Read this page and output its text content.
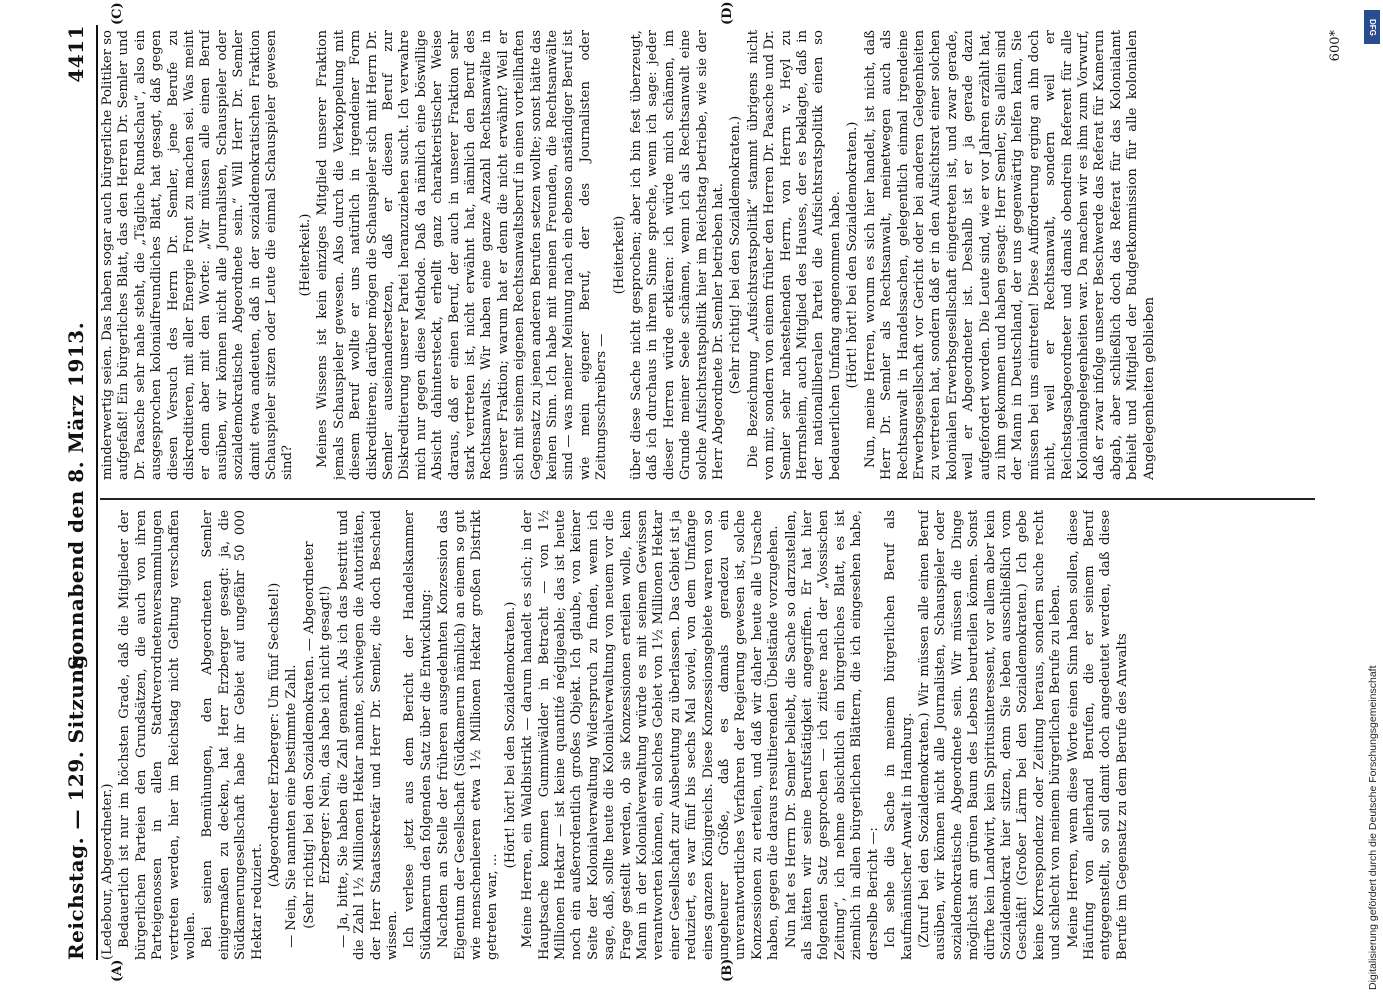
Reichstag. — 129. Sitzung.
Sonnabend den 8. März 1913.
4411
(A)	(B)
(C)	(D)

(Ledebour, Abgeordneter.) Bedauerlich ist nur im höchsten Grade, daß die Mitglieder der bürgerlichen Parteien den Grundsätzen, die auch von ihren Parteigenossen in allen Stadtverordnetenversammlungen vertreten werden, hier im Reichstag nicht Geltung verschaffen wollen. Bei seinen Bemühungen, den Abgeordneten Semler einigermaßen zu decken, hat Herr Erzberger gesagt: ja, die Südkamerungesellschaft habe ihr Gebiet auf ungefähr 50 000 Hektar reduziert.

(Abgeordneter Erzberger: Um fünf Sechstel!) — Nein, Sie nannten eine bestimmte Zahl. (Sehr richtig! bei den Sozialdemokraten. — Abgeordneter Erzberger: Nein, das habe ich nicht gesagt!) — Ja, bitte, Sie haben die Zahl genannt. Als ich das bestritt und die Zahl 1½ Millionen Hektar nannte, schwiegen die Autoritäten, der Herr Staatssekretär und Herr Dr. Semler, die doch Bescheid wissen. Ich verlese jetzt aus dem Bericht der Handelskammer Südkamerun den folgenden Satz über die Entwicklung: Nachdem an Stelle der früheren ausgedehnten Konzession das Eigentum der Gesellschaft (Südkamerun nämlich) an einem so gut wie menschenleeren etwa 1½ Millionen Hektar großen Distrikt getreten war, ...

(Hört! hört! bei den Sozialdemokraten.) Meine Herren, ein Waldbistrikt — darum handelt es sich; in der Hauptsache kommen Gummiwälder in Betracht — von 1½ Millionen Hektar — ist keine quantité négligeable; das ist heute noch ein außerordentlich großes Objekt. Ich glaube, von keiner Seite der Kolonialverwaltung Widerspruch zu finden, wenn ich sage, daß, sollte heute die Kolonialverwaltung von neuem vor die Frage gestellt werden, ob sie Konzessionen erteilen wolle, kein Mann in der Kolonialverwaltung würde es mit seinem Gewissen verantworten können, ein solches Gebiet von 1½ Millionen Hektar einer Gesellschaft zur Ausbeutung zu überlassen. Das Gebiet ist ja reduziert, es war fünf bis sechs Mal soviel, von dem Umfange eines ganzen Königreichs. Diese Konzessionsgebiete waren von so ungeheurer Größe, daß es damals geradezu ein unverantwortliches Verfahren der Regierung gewesen ist, solche Konzessionen zu erteilen, und daß wir daher heute alle Ursache haben, gegen die daraus resultierenden Übelstände vorzugehen. Nun hat es Herrn Dr. Semler beliebt, die Sache so darzustellen, als hätten wir seine Berufstätigkeit angegriffen. Er hat hier folgenden Satz gesprochen — ich zitiere nach der „Vossischen Zeitung“, ich nehme absichtlich ein bürgerliches Blatt, es ist ziemlich in allen bürgerlichen Blättern, die ich eingesehen habe, derselbe Bericht —: Ich sehe die Sache in meinem bürgerlichen Beruf als kaufmännischer Anwalt in Hamburg. (Zuruf bei den Sozialdemokraten.) Wir müssen alle einen Beruf ausüben, wir können nicht alle Journalisten, Schauspieler oder sozialdemokratische Abgeordnete sein. Wir müssen die Dinge möglichst am grünen Baum des Lebens beurteilen können. Sonst dürfte kein Landwirt, kein Spiritusinteressent, vor allem aber kein Sozialdemokrat hier sitzen, denn Sie leben ausschließlich vom Geschäft! (Großer Lärm bei den Sozialdemokraten.) Ich gebe keine Korrespondenz oder Zeitung heraus, sondern suche recht und schlecht von meinem bürgerlichen Berufe zu leben. Meine Herren, wenn diese Worte einen Sinn haben sollen, diese Häufung von allerhand Berufen, die er seinem Beruf entgegenstellt, so soll damit doch angedeutet werden, daß diese Berufe im Gegensatz zu dem Berufe des Anwalts

minderwertig seien. Das haben sogar auch bürgerliche Politiker so aufgefaßt! Ein bürgerliches Blatt, das den Herren Dr. Semler und Dr. Paasche sehr nahe steht, die „Tägliche Rundschau“, also ein ausgesprochen kolonialfreundliches Blatt, hat gesagt, daß gegen diesen Versuch des Herrn Dr. Semler, jene Berufe zu diskreditieren, mit aller Energie Front zu machen sei. Was meint er denn aber mit den Worte: „Wir müssen alle einen Beruf ausüben, wir können nicht alle Journalisten, Schauspieler oder sozialdemokratische Abgeordnete sein.“ Will Herr Dr. Semler damit etwa andeuten, daß in der sozialdemokratischen Fraktion Schauspieler sitzen oder Leute die einmal Schauspieler gewesen sind?

(Heiterkeit.) Meines Wissens ist kein einziges Mitglied unserer Fraktion jemals Schauspieler gewesen. Also durch die Verkoppelung mit diesem Beruf wollte er uns natürlich in irgendeiner Form diskreditieren; darüber mögen die Schauspieler sich mit Herrn Dr. Semler auseinandersetzen, daß er diesen Beruf zur Diskreditierung unserer Partei heranzuziehen sucht. Ich verwahre mich nur gegen diese Methode. Daß da nämlich eine böswillige Absicht dahintersteckt, erhellt ganz charakteristischer Weise daraus, daß er einen Beruf, der auch in unserer Fraktion sehr stark vertreten ist, nicht erwähnt hat, nämlich den Beruf des Rechtsanwalts. Wir haben eine ganze Anzahl Rechtsanwälte in unserer Fraktion; warum hat er denn die nicht erwähnt? Weil er sich mit seinem eigenen Rechtsanwaltsberuf in einen vorteilhaften Gegensatz zu jenen anderen Berufen setzen wollte; sonst hätte das keinen Sinn. Ich habe mit meinen Freunden, die Rechtsanwälte sind — was meiner Meinung nach ein ebenso anständiger Beruf ist wie mein eigener Beruf, der des Journalisten oder Zeitungsschreibers —

(Heiterkeit) über diese Sache nicht gesprochen; aber ich bin fest überzeugt, daß ich durchaus in ihrem Sinne spreche, wenn ich sage: jeder dieser Herren würde erklären: ich würde mich schämen, im Grunde meiner Seele schämen, wenn ich als Rechtsanwalt eine solche Aufsichtsratspolitik hier im Reichstag betriebe, wie sie der Herr Abgeordnete Dr. Semler betrieben hat. (Sehr richtig! bei den Sozialdemokraten.) Die Bezeichnung „Aufsichtsratspolitik“ stammt übrigens nicht von mir, sondern von einem früher den Herren Dr. Paasche und Dr. Semler sehr nahestehenden Herrn, von Herrn v. Heyl zu Herrnsheim, auch Mitglied des Hauses, der es beklagte, daß in der nationalliberalen Partei die Aufsichtsratspolitik einen so bedauerlichen Umfang angenommen habe. (Hört! hört! bei den Sozialdemokraten.) Nun, meine Herren, worum es sich hier handelt, ist nicht, daß Herr Dr. Semler als Rechtsanwalt, meinetwegen auch als Rechtsanwalt in Handelssachen, gelegentlich einmal irgendeine Erwerbsgesellschaft vor Gericht oder bei anderen Gelegenheiten zu vertreten hat, sondern daß er in den Aufsichtsrat einer solchen kolonialen Erwerbsgesellschaft eingetreten ist, und zwar gerade, weil er Abgeordneter ist. Deshalb ist er ja gerade dazu aufgefordert worden. Die Leute sind, wie er vor Jahren erzählt hat, zu ihm gekommen und haben gesagt: Herr Semler, Sie allein sind der Mann in Deutschland, der uns gegenwärtig helfen kann, Sie müssen bei uns eintreten! Diese Aufforderung erging an ihn doch nicht, weil er Rechtsanwalt, sondern weil er Reichstagsabgeordneter und damals obendrein Referent für alle Kolonialangelegenheiten war. Da machen wir es ihm zum Vorwurf, daß er zwar infolge unserer Beschwerde das Referat für Kamerun abgab, aber schließlich doch das Referat für das Kolonialamt behielt und Mitglied der Budgetkommission für alle kolonialen Angelegenheiten geblieben

600*
Digitalisierung gefördert durch die Deutsche Forschungsgemeinschaft
DFG
